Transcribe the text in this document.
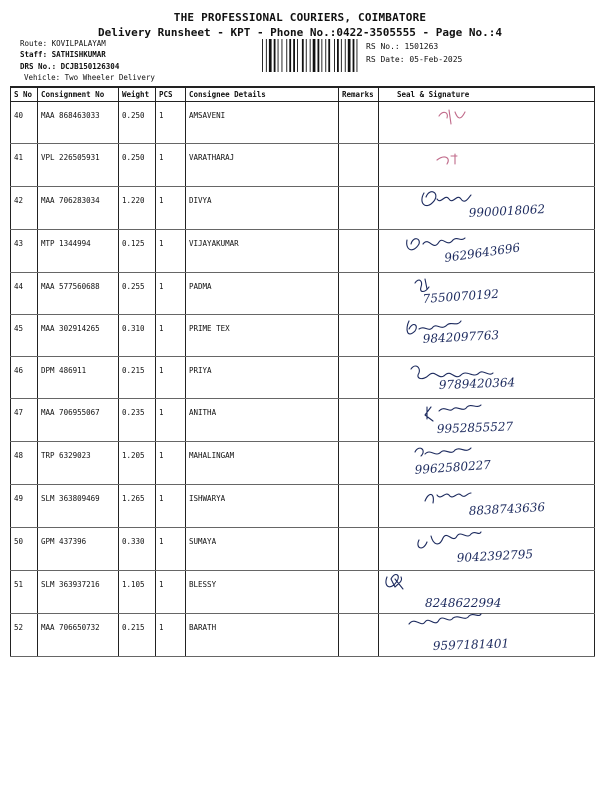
THE PROFESSIONAL COURIERS, COIMBATORE
Delivery Runsheet - KPT - Phone No.:0422-3505555 - Page No.:4
Route: KOVILPALAYAM
Staff: SATHISHKUMAR
DRS No.: DCJB150126304
Vehicle: Two Wheeler Delivery
RS No.: 1501263
RS Date: 05-Feb-2025
S No	Consignment No	Weight	PCS	Consignee Details	Remarks	Seal & Signature
40	MAA 868463033	0.250	1	AMSAVENI		

41	VPL 226505931	0.250	1	VARATHARAJ		

42	MAA 706283034	1.220	1	DIVYA		9900018062

43	MTP 1344994	0.125	1	VIJAYAKUMAR		9629643696

44	MAA 577560688	0.255	1	PADMA		7550070192

45	MAA 302914265	0.310	1	PRIME TEX		9842097763

46	DPM 486911	0.215	1	PRIYA		9789420364

47	MAA 706955067	0.235	1	ANITHA		9952855527

48	TRP 6329023	1.205	1	MAHALINGAM		9962580227

49	SLM 363809469	1.265	1	ISHWARYA		8838743636

50	GPM 437396	0.330	1	SUMAYA		9042392795

51	SLM 363937216	1.105	1	BLESSY		8248622994

52	MAA 706650732	0.215	1	BARATH		9597181401
